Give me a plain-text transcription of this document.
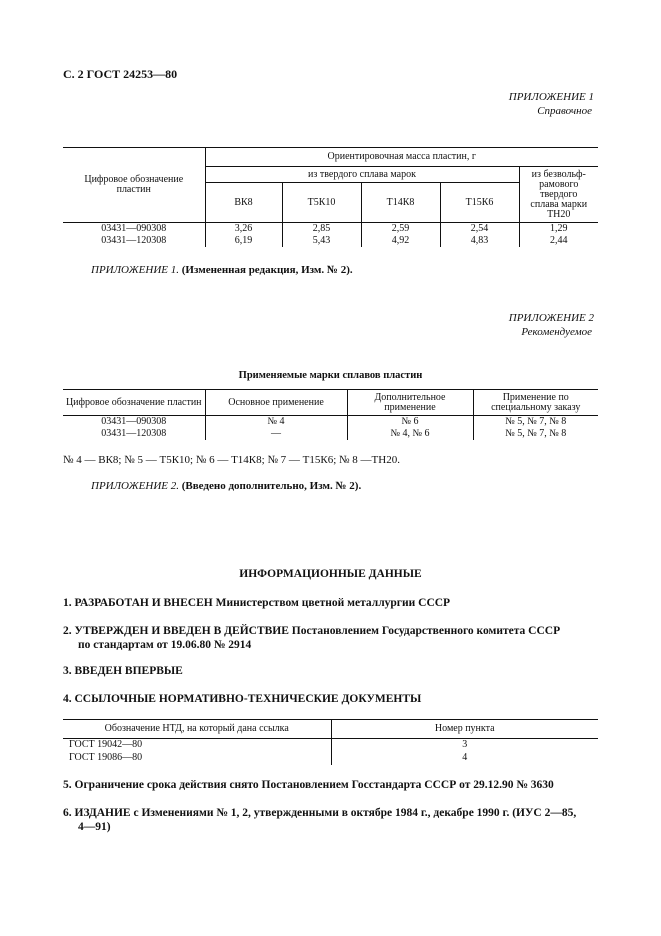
С. 2 ГОСТ 24253—80
ПРИЛОЖЕНИЕ 1
Справочное
Цифровое обозначение пластин	Ориентировочная масса пластин, г				
	из твердого сплава марок				из безвольф-рамового твердого сплава марки ТН20
	ВК8	Т5К10	Т14К8	Т15К6	
03431—090308	3,26	2,85	2,59	2,54	1,29
03431—120308	6,19	5,43	4,92	4,83	2,44
ПРИЛОЖЕНИЕ 1. (Измененная редакция, Изм. № 2).
ПРИЛОЖЕНИЕ 2
Рекомендуемое
Применяемые марки сплавов пластин
Цифровое обозначение пластин	Основное применение	Дополнительное применение	Применение по специальному заказу
03431—090308	№ 4	№ 6	№ 5, № 7, № 8
03431—120308	—	№ 4, № 6	№ 5, № 7, № 8
№ 4 — ВК8; № 5 — Т5К10; № 6 — Т14К8; № 7 — Т15К6; № 8 —ТН20.
ПРИЛОЖЕНИЕ 2. (Введено дополнительно, Изм. № 2).
ИНФОРМАЦИОННЫЕ ДАННЫЕ
1. РАЗРАБОТАН И ВНЕСЕН Министерством цветной металлургии СССР
2. УТВЕРЖДЕН И ВВЕДЕН В ДЕЙСТВИЕ Постановлением Государственного комитета СССР
по стандартам от 19.06.80 № 2914
3. ВВЕДЕН ВПЕРВЫЕ
4. ССЫЛОЧНЫЕ НОРМАТИВНО-ТЕХНИЧЕСКИЕ ДОКУМЕНТЫ
Обозначение НТД, на который дана ссылка	Номер пункта
ГОСТ 19042—80	3
ГОСТ 19086—80	4
5. Ограничение срока действия снято Постановлением Госстандарта СССР от 29.12.90 № 3630
6. ИЗДАНИЕ с Изменениями № 1, 2, утвержденными в октябре 1984 г., декабре 1990 г. (ИУС 2—85,
4—91)
